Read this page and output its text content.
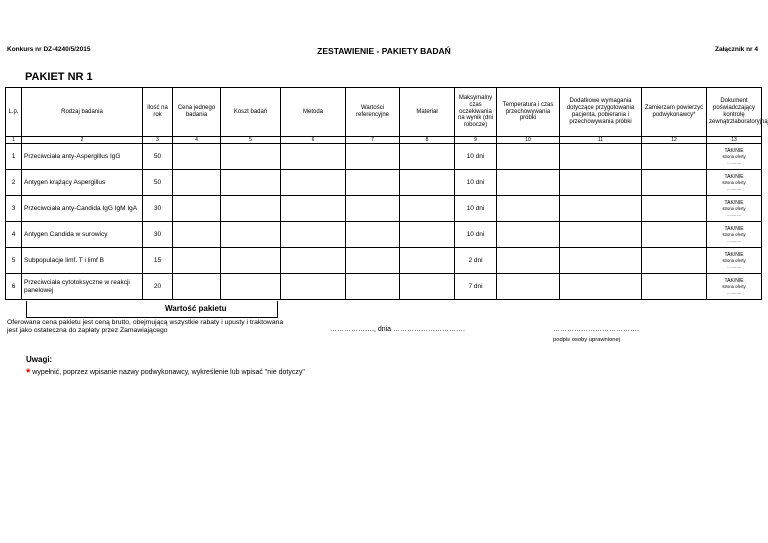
Konkurs nr DZ-4240/5/2015	ZESTAWIENIE - PAKIETY BADAŃ	Załącznik nr 4
PAKIET NR 1
L.p.	Rodzaj badania	Ilość na rok	Cena jednego badania	Koszt badań	Metoda	Wartości referencyjne	Materiał	Maksymalny czas oczekiwania na wynik (dni robocze)	Temperatura i czas przechowywania próbki	Dodatkowe wymagania dotyczące przygotowania pacjenta, pobierania i przechowywania próbki	Zamierzam powierzyć podwykonawcy*	Dokument poświadczający kontrolę zewnątrzlaboratoryjną
1	2	3	4	5	6	7	8	9	10	11	12	13
1	Przeciwciała anty-Aspergillus IgG	50						10 dni				TAK/NIE
strona oferty
............

2	Antygen krążący Aspergillus	50						10 dni				TAK/NIE
strona oferty
............

3	Przeciwciała anty-Candida IgG IgM IgA	30						10 dni				TAK/NIE
strona oferty
............

4	Antygen Candida w surowicy	30						10 dni				TAK/NIE
strona oferty
............

5	Subpopulacje limf. T i limf B	15						2 dni				TAK/NIE
strona oferty
............

6	Przeciwciała cytotoksyczne w reakcji panelowej	20						7 dni				TAK/NIE
strona oferty
............
Wartość pakietu
Oferowana cena pakietu jest ceną brutto, obejmującą wszystkie rabaty i upusty i traktowana jest jako ostateczna do zapłaty przez Zamawiającego	………………., dnia ………………………….	……………………………….
podpis osoby uprawnionej
Uwagi:
* wypełnić, poprzez wpisanie nazwy podwykonawcy, wykreślenie lub wpisać "nie dotyczy"
